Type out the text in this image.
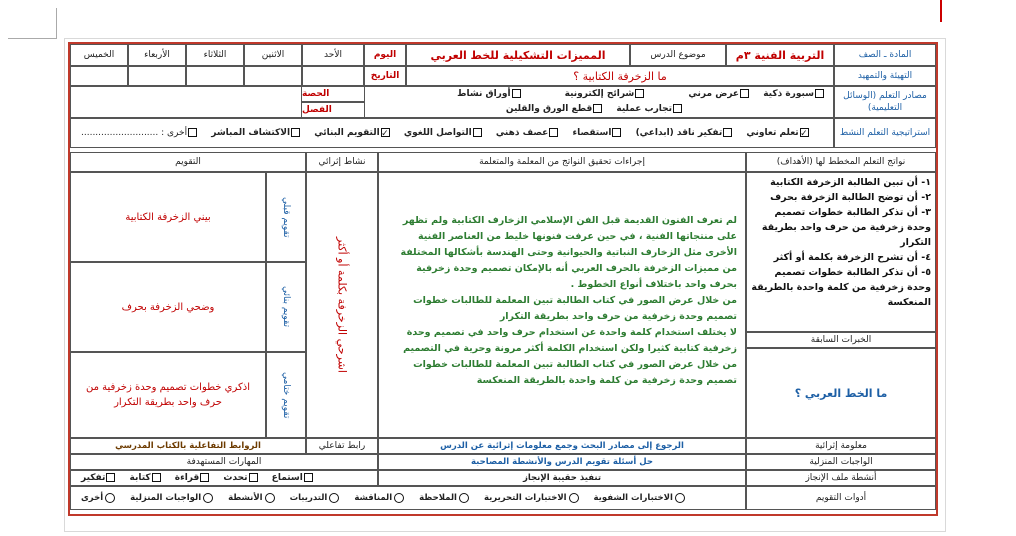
المادة ـ الصف
التربية الفنية ٣م
موضوع الدرس
المميزات التشكيلية للخط العربي
اليوم
الأحد
الاثنين
الثلاثاء
الأربعاء
الخميس
التهيئة والتمهيد
ما الزخرفة الكتابية ؟
التاريخ
مصادر التعلم (الوسائل التعليمية)
سبورة ذكية عرض مرني شرائح إلكترونية أوراق نشاط
تجارب عملية قطع الورق والقلين
الحصة
الفصل
استراتيجية التعلم النشط
✓تعلم تعاوني تفكير ناقد (ابداعي) استقصاء عصف ذهني التواصل اللغوي ✓التقويم البنائي الاكتشاف المباشر أخرى : ...........................
نواتج التعلم المخطط لها (الأهداف)
إجراءات تحقيق النواتج من المعلمة والمتعلمة
نشاط إثرائي
التقويم
١- أن تبين الطالبة الزخرفة الكتابية
٢- أن توضح الطالبة الزخرفة بحرف
٣- أن تذكر الطالبة خطوات تصميم وحدة زخرفية من حرف واحد بطريقة التكرار
٤- أن تشرح الزخرفة بكلمة أو أكثر
٥- أن تذكر الطالبة خطوات تصميم وحدة زخرفية من كلمة واحدة بالطريقة المنعكسة
الخبرات السابقة
ما الخط العربي ؟
لم تعرف الفنون القديمة قبل الفن الإسلامي الزخارف الكتابية ولم تظهر
على منتجاتها الفنية ، في حين عرفت فنونها خليط من العناصر الفنية
الأخرى مثل الزخارف النباتية والحيوانية وحتى الهندسة بأشكالها المختلفة
من مميزات الزخرفة بالحرف العربي أنه بالإمكان تصميم وحدة زخرفية
بحرف واحد باختلاف أنواع الخطوط .
من خلال عرض الصور في كتاب الطالبة تبين المعلمة للطالبات خطوات
تصميم وحدة زخرفية من حرف واحد بطريقة التكرار
لا يختلف استخدام كلمة واحدة عن استخدام حرف واحد في تصميم وحدة
زخرفية كتابية كثيرا ولكن استخدام الكلمة أكثر مرونة وحرية في التصميم
من خلال عرض الصور في كتاب الطالبة تبين المعلمة للطالبات خطوات
تصميم وحدة زخرفية من كلمة واحدة بالطريقة المنعكسة
اشرحي الزخرفة بكلمة أو أكثر
تقويم قبلي
بيني الزخرفة الكتابية
تقويم بنائي
وضحي الزخرفة بحرف
تقويم ختامي
اذكري خطوات تصميم وحدة زخرفية من حرف واحد بطريقة التكرار
معلومة إثرائية
الرجوع إلى مصادر البحث وجمع معلومات إثرائية عن الدرس
رابط تفاعلي
الروابط التفاعلية بالكتاب المدرسي
الواجبات المنزلية
حل أسئلة تقويم الدرس والأنشطة المصاحبة
المهارات المستهدفة
أنشطة ملف الإنجاز
تنفيذ حقيبة الإنجاز
استماع تحدث قراءة كتابة تفكير
أدوات التقويم
الاختبارات الشفوية الاختبارات التحريرية الملاحظة المناقشة التدريبات الأنشطة الواجبات المنزلية أخرى
